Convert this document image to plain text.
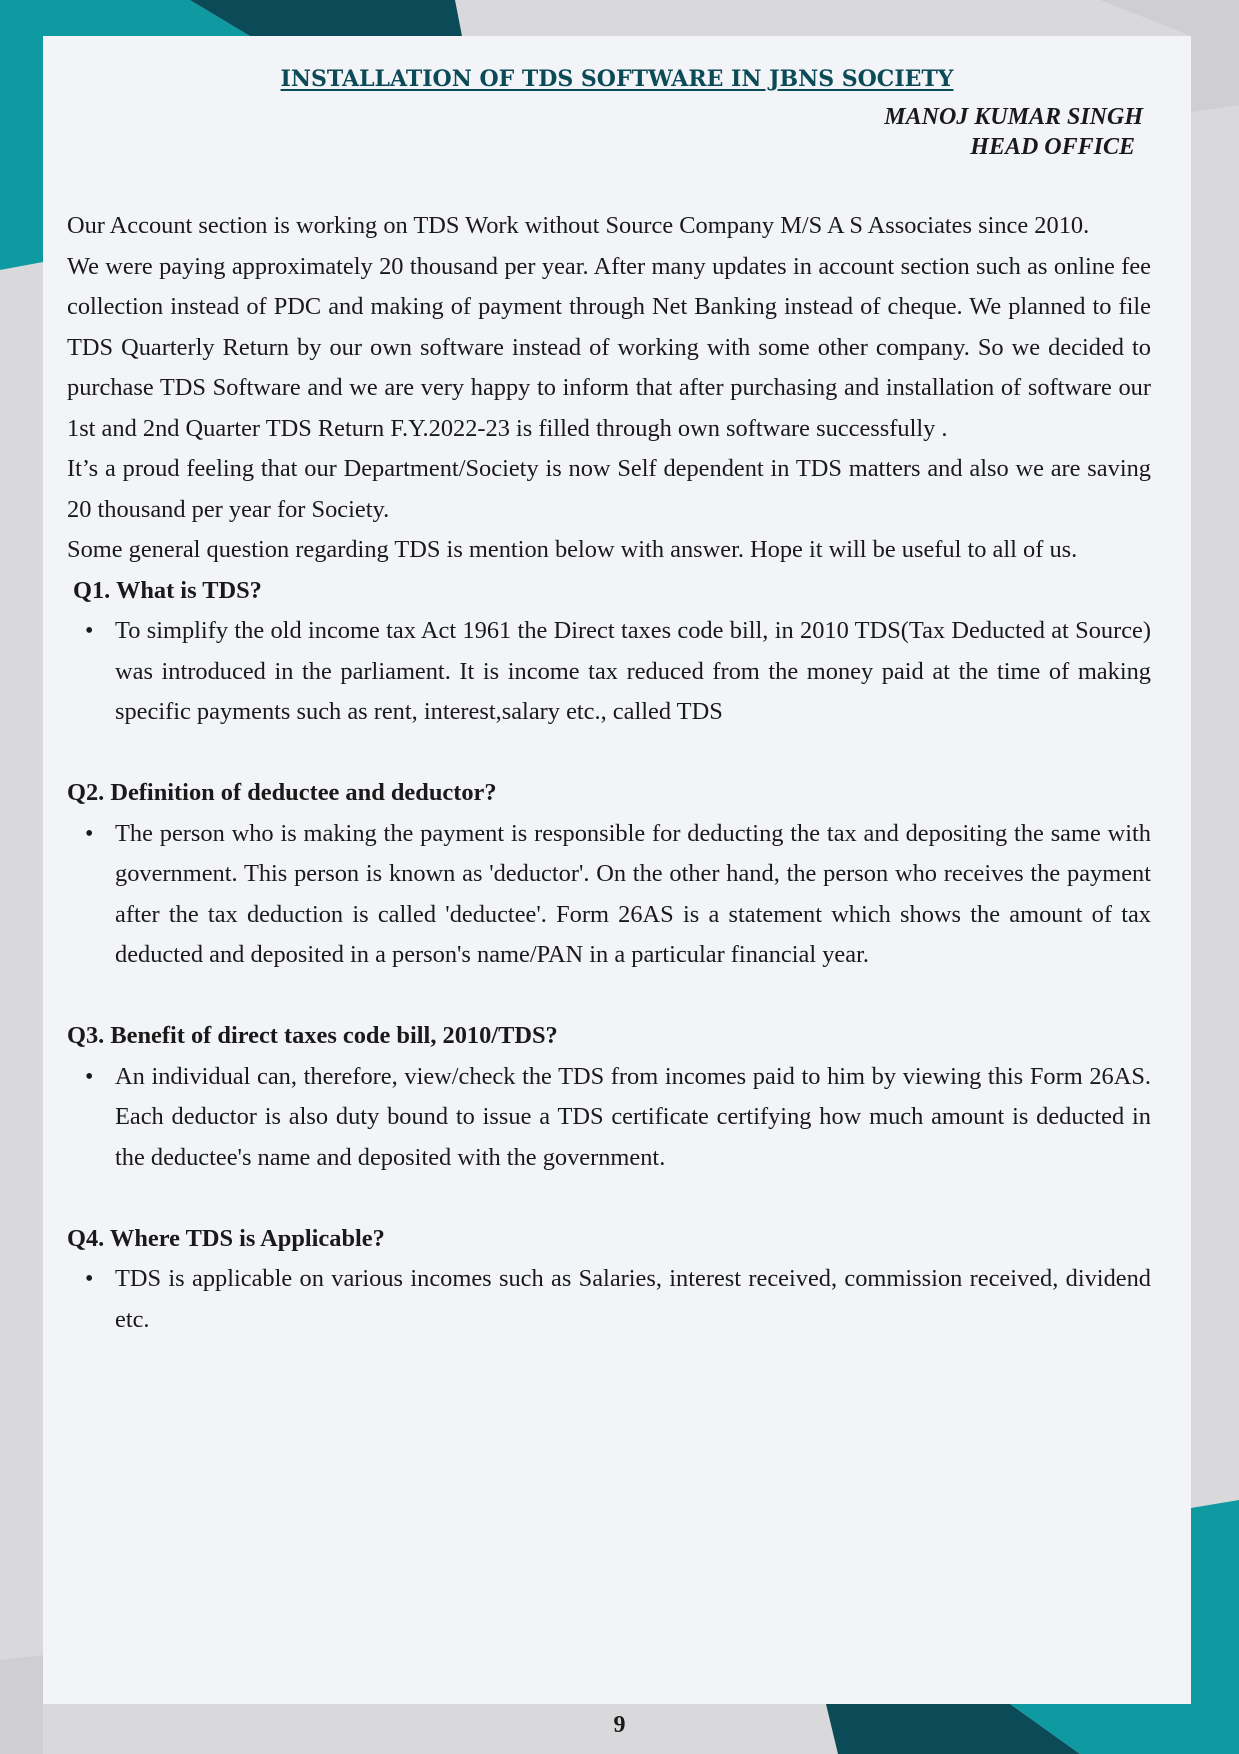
INSTALLATION OF TDS SOFTWARE IN JBNS SOCIETY
MANOJ KUMAR SINGH
HEAD OFFICE

Our Account section is working on TDS Work without Source Company M/S A S Associates since 2010.

We were paying approximately 20 thousand per year. After many updates in account section such as online fee collection instead of PDC and making of payment through Net Banking instead of cheque. We planned to file TDS Quarterly Return by our own software instead of working with some other company. So we decided to purchase TDS Software and we are very happy to inform that after purchasing and installation of software our 1st and 2nd Quarter TDS Return F.Y.2022-23 is filled through own software successfully .

It’s a proud feeling that our Department/Society is now Self dependent in TDS matters and also we are saving 20 thousand per year for Society.

Some general question regarding TDS is mention below with answer. Hope it will be useful to all of us.

Q1. What is TDS?

• To simplify the old income tax Act 1961 the Direct taxes code bill, in 2010 TDS(Tax Deducted at Source) was introduced in the parliament. It is income tax reduced from the money paid at the time of making specific payments such as rent, interest,salary etc., called TDS

Q2. Definition of deductee and deductor?

• The person who is making the payment is responsible for deducting the tax and depositing the same with government. This person is known as 'deductor'. On the other hand, the person who receives the payment after the tax deduction is called 'deductee'. Form 26AS is a statement which shows the amount of tax deducted and deposited in a person's name/PAN in a particular financial year.

Q3. Benefit of direct taxes code bill, 2010/TDS?

• An individual can, therefore, view/check the TDS from incomes paid to him by viewing this Form 26AS. Each deductor is also duty bound to issue a TDS certificate certifying how much amount is deducted in the deductee's name and deposited with the government.

Q4. Where TDS is Applicable?

• TDS is applicable on various incomes such as Salaries, interest received, commission received, dividend etc.

9
